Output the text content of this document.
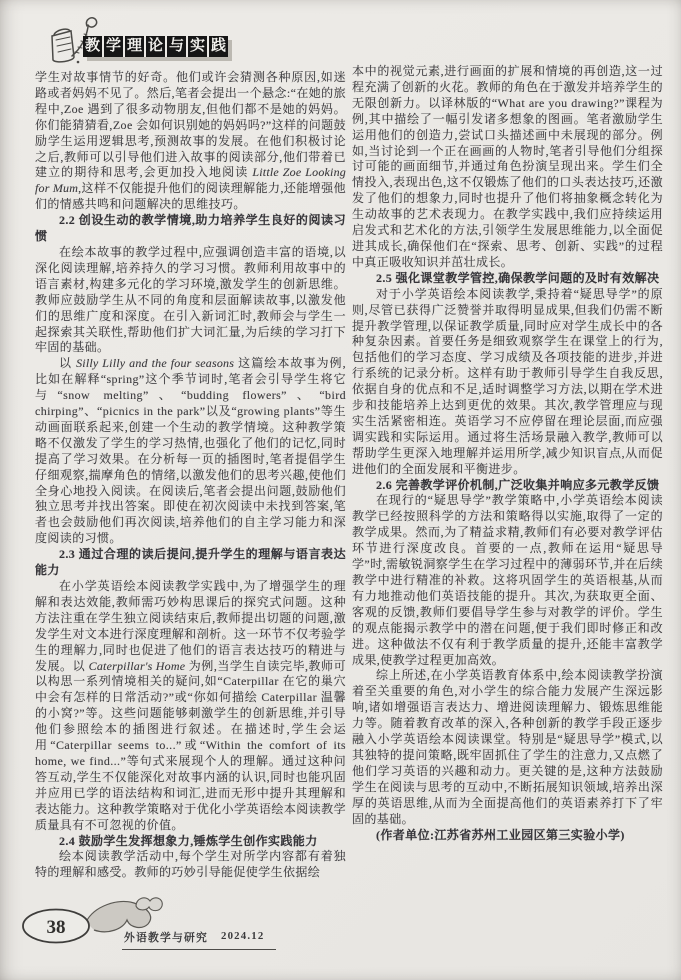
教 学 理 论 与 实 践

学生对故事情节的好奇。他们或许会猜测各种原因,如迷路或者妈妈不见了。然后,笔者会提出一个悬念:“在她的旅程中,Zoe 遇到了很多动物朋友,但他们都不是她的妈妈。你们能猜猜看,Zoe 会如何识别她的妈妈吗?”这样的问题鼓励学生运用逻辑思考,预测故事的发展。在他们积极讨论之后,教师可以引导他们进入故事的阅读部分,他们带着已建立的期待和思考,会更加投入地阅读 Little Zoe Looking for Mum,这样不仅能提升他们的阅读理解能力,还能增强他们的情感共鸣和问题解决的思维技巧。

2.2 创设生动的教学情境,助力培养学生良好的阅读习惯

在绘本故事的教学过程中,应强调创造丰富的语境,以深化阅读理解,培养持久的学习习惯。教师利用故事中的语言素材,构建多元化的学习环境,激发学生的创新思维。教师应鼓励学生从不同的角度和层面解读故事,以激发他们的思维广度和深度。在引入新词汇时,教师会与学生一起探索其关联性,帮助他们扩大词汇量,为后续的学习打下牢固的基础。

以 Silly Lilly and the four seasons 这篇绘本故事为例,比如在解释“spring”这个季节词时,笔者会引导学生将它与“snow melting”、“budding flowers”、“bird chirping”、“picnics in the park”以及“growing plants”等生动画面联系起来,创建一个生动的教学情境。这种教学策略不仅激发了学生的学习热情,也强化了他们的记忆,同时提高了学习效果。在分析每一页的插图时,笔者提倡学生仔细观察,揣摩角色的情绪,以激发他们的思考兴趣,使他们全身心地投入阅读。在阅读后,笔者会提出问题,鼓励他们独立思考并找出答案。即使在初次阅读中未找到答案,笔者也会鼓励他们再次阅读,培养他们的自主学习能力和深度阅读的习惯。

2.3 通过合理的读后提问,提升学生的理解与语言表达能力

在小学英语绘本阅读教学实践中,为了增强学生的理解和表达效能,教师需巧妙构思课后的探究式问题。这种方法注重在学生独立阅读结束后,教师提出切题的问题,激发学生对文本进行深度理解和剖析。这一环节不仅考验学生的理解力,同时也促进了他们的语言表达技巧的精进与发展。以 Caterpillar's Home 为例,当学生自读完毕,教师可以构思一系列情境相关的疑问,如“Caterpillar 在它的巢穴中会有怎样的日常活动?”或“你如何描绘 Caterpillar 温馨的小窝?”等。这些问题能够刺激学生的创新思维,并引导他们参照绘本的插图进行叙述。在描述时,学生会运用“Caterpillar seems to...”或“Within the comfort of its home, we find...”等句式来展现个人的理解。通过这种问答互动,学生不仅能深化对故事内涵的认识,同时也能巩固并应用已学的语法结构和词汇,进而无形中提升其理解和表达能力。这种教学策略对于优化小学英语绘本阅读教学质量具有不可忽视的价值。

2.4 鼓励学生发挥想象力,锤炼学生创作实践能力

绘本阅读教学活动中,每个学生对所学内容都有着独特的理解和感受。教师的巧妙引导能促使学生依据绘

本中的视觉元素,进行画面的扩展和情境的再创造,这一过程充满了创新的火花。教师的角色在于激发并培养学生的无限创新力。以译林版的“What are you drawing?”课程为例,其中描绘了一幅引发诸多想象的图画。笔者激励学生运用他们的创造力,尝试口头描述画中未展现的部分。例如,当讨论到一个正在画画的人物时,笔者引导他们分组探讨可能的画面细节,并通过角色扮演呈现出来。学生们全情投入,表现出色,这不仅锻炼了他们的口头表达技巧,还激发了他们的想象力,同时也提升了他们将抽象概念转化为生动故事的艺术表现力。在教学实践中,我们应持续运用启发式和艺术化的方法,引领学生发展思维能力,以全面促进其成长,确保他们在“探索、思考、创新、实践”的过程中真正吸收知识并茁壮成长。

2.5 强化课堂教学管控,确保教学问题的及时有效解决

对于小学英语绘本阅读教学,秉持着“疑思导学”的原则,尽管已获得广泛赞誉并取得明显成果,但我们仍需不断提升教学管理,以保证教学质量,同时应对学生成长中的各种复杂因素。首要任务是细致观察学生在课堂上的行为,包括他们的学习态度、学习成绩及各项技能的进步,并进行系统的记录分析。这样有助于教师引导学生自我反思,依据自身的优点和不足,适时调整学习方法,以期在学术进步和技能培养上达到更优的效果。其次,教学管理应与现实生活紧密相连。英语学习不应停留在理论层面,而应强调实践和实际运用。通过将生活场景融入教学,教师可以帮助学生更深入地理解并运用所学,减少知识盲点,从而促进他们的全面发展和平衡进步。

2.6 完善教学评价机制,广泛收集并响应多元教学反馈

在现行的“疑思导学”教学策略中,小学英语绘本阅读教学已经按照科学的方法和策略得以实施,取得了一定的教学成果。然而,为了精益求精,教师们有必要对教学评估环节进行深度改良。首要的一点,教师在运用“疑思导学”时,需敏锐洞察学生在学习过程中的薄弱环节,并在后续教学中进行精准的补救。这将巩固学生的英语根基,从而有力地推动他们英语技能的提升。其次,为获取更全面、客观的反馈,教师们要倡导学生参与对教学的评价。学生的观点能揭示教学中的潜在问题,便于我们即时修正和改进。这种做法不仅有利于教学质量的提升,还能丰富教学成果,使教学过程更加高效。

综上所述,在小学英语教育体系中,绘本阅读教学扮演着至关重要的角色,对小学生的综合能力发展产生深远影响,诸如增强语言表达力、增进阅读理解力、锻炼思维能力等。随着教育改革的深入,各种创新的教学手段正逐步融入小学英语绘本阅读课堂。特别是“疑思导学”模式,以其独特的提问策略,既牢固抓住了学生的注意力,又点燃了他们学习英语的兴趣和动力。更关键的是,这种方法鼓励学生在阅读与思考的互动中,不断拓展知识领域,培养出深厚的英语思维,从而为全面提高他们的英语素养打下了牢固的基础。

(作者单位:江苏省苏州工业园区第三实验小学)

38	外语教学与研究 2024.12
